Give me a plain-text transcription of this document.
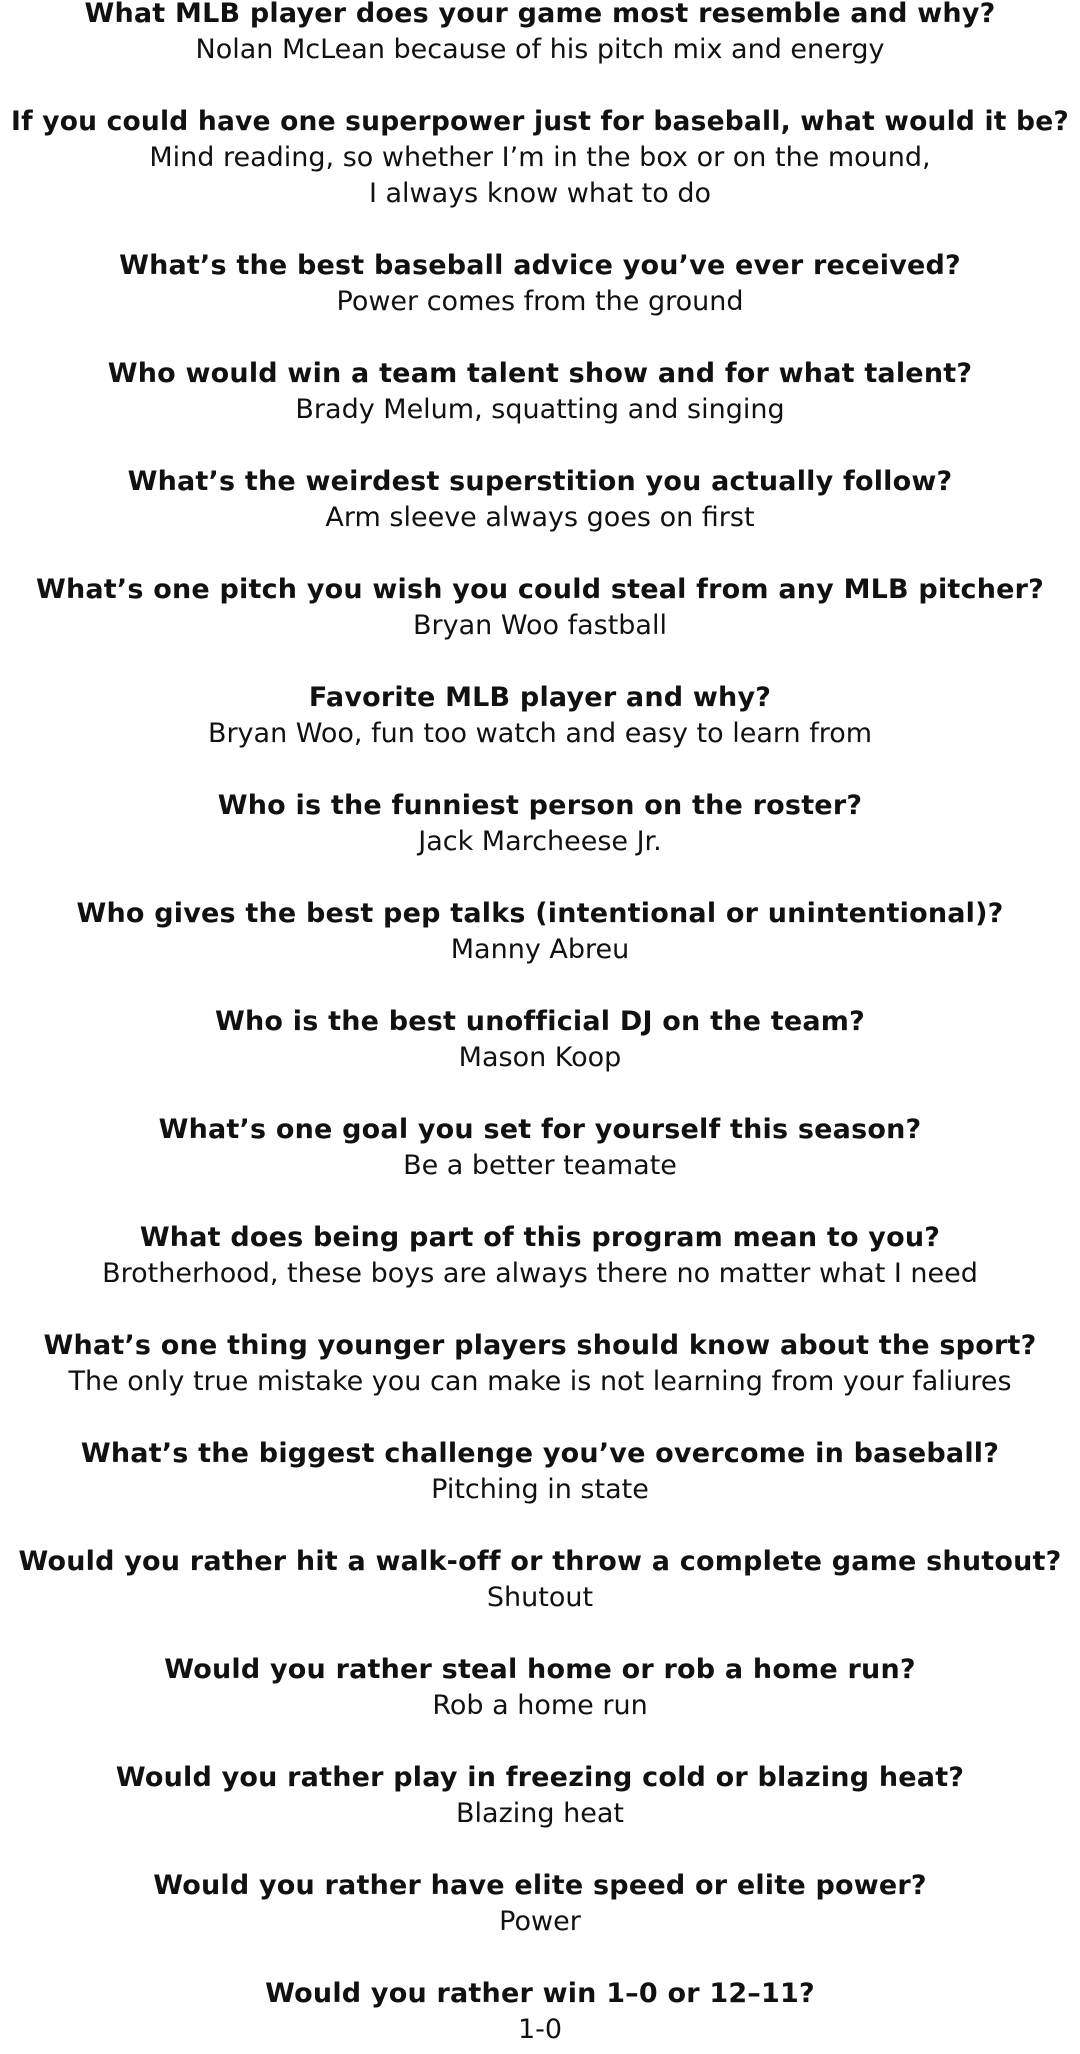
What MLB player does your game most resemble and why?
Nolan McLean because of his pitch mix and energy
If you could have one superpower just for baseball, what would it be?
Mind reading, so whether I’m in the box or on the mound,
I always know what to do
What’s the best baseball advice you’ve ever received?
Power comes from the ground
Who would win a team talent show and for what talent?
Brady Melum, squatting and singing
What’s the weirdest superstition you actually follow?
Arm sleeve always goes on first
What’s one pitch you wish you could steal from any MLB pitcher?
Bryan Woo fastball
Favorite MLB player and why?
Bryan Woo, fun too watch and easy to learn from
Who is the funniest person on the roster?
Jack Marcheese Jr.
Who gives the best pep talks (intentional or unintentional)?
Manny Abreu
Who is the best unofficial DJ on the team?
Mason Koop
What’s one goal you set for yourself this season?
Be a better teamate
What does being part of this program mean to you?
Brotherhood, these boys are always there no matter what I need
What’s one thing younger players should know about the sport?
The only true mistake you can make is not learning from your faliures
What’s the biggest challenge you’ve overcome in baseball?
Pitching in state
Would you rather hit a walk-off or throw a complete game shutout?
Shutout
Would you rather steal home or rob a home run?
Rob a home run
Would you rather play in freezing cold or blazing heat?
Blazing heat
Would you rather have elite speed or elite power?
Power
Would you rather win 1–0 or 12–11?
1-0
